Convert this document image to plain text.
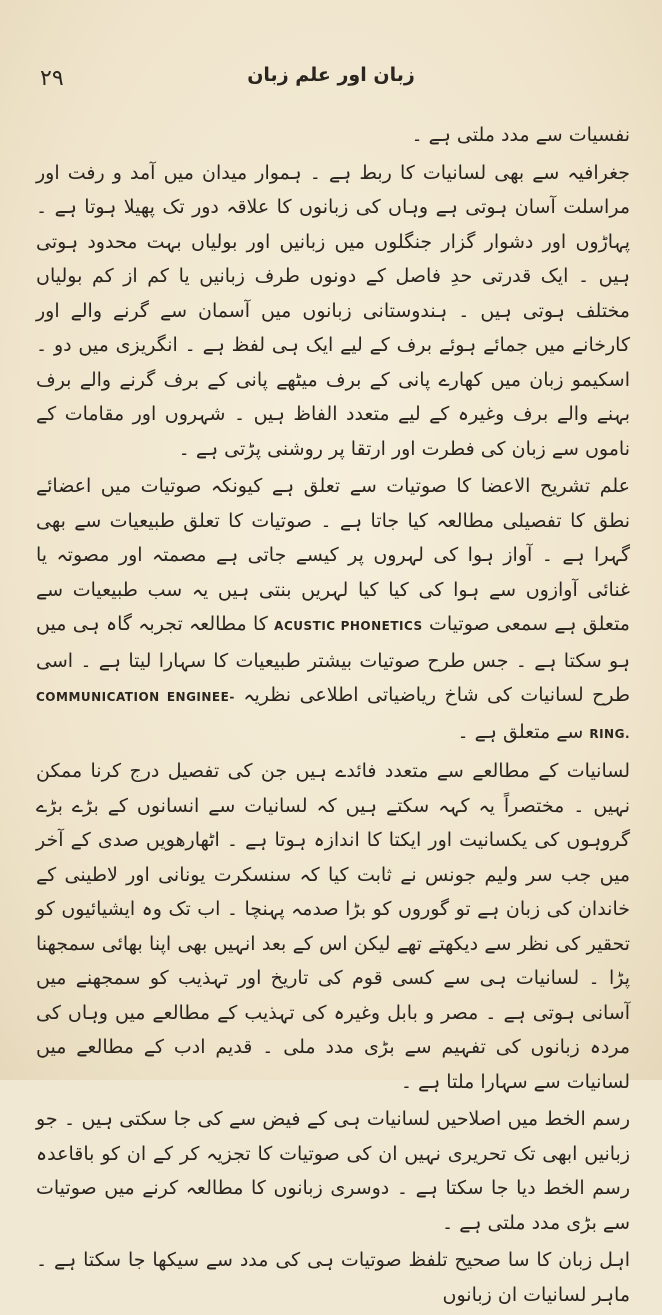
۲۹	زبان اور علم زبان

نفسیات سے مدد ملتی ہے ۔

جغرافیہ سے بھی لسانیات کا ربط ہے ۔ ہموار میدان میں آمد و رفت اور مراسلت آسان ہوتی ہے وہاں کی زبانوں کا علاقہ دور تک پھیلا ہوتا ہے ۔ پہاڑوں اور دشوار گزار جنگلوں میں زبانیں اور بولیاں بہت محدود ہوتی ہیں ۔ ایک قدرتی حدِ فاصل کے دونوں طرف زبانیں یا کم از کم بولیاں مختلف ہوتی ہیں ۔ ہندوستانی زبانوں میں آسمان سے گرنے والے اور کارخانے میں جمائے ہوئے برف کے لیے ایک ہی لفظ ہے ۔ انگریزی میں دو ۔ اسکیمو زبان میں کھارے پانی کے برف میٹھے پانی کے برف گرنے والے برف بہنے والے برف وغیرہ کے لیے متعدد الفاظ ہیں ۔ شہروں اور مقامات کے ناموں سے زبان کی فطرت اور ارتقا پر روشنی پڑتی ہے ۔

علم تشریح الاعضا کا صوتیات سے تعلق ہے کیونکہ صوتیات میں اعضائے نطق کا تفصیلی مطالعہ کیا جاتا ہے ۔ صوتیات کا تعلق طبیعیات سے بھی گہرا ہے ۔ آواز ہوا کی لہروں پر کیسے جاتی ہے مصمتہ اور مصوتہ یا غنائی آوازوں سے ہوا کی کیا کیا لہریں بنتی ہیں یہ سب طبیعیات سے متعلق ہے سمعی صوتیات ACUSTIC PHONETICS کا مطالعہ تجربہ گاہ ہی میں ہو سکتا ہے ۔ جس طرح صوتیات بیشتر طبیعیات کا سہارا لیتا ہے ۔ اسی طرح لسانیات کی شاخ ریاضیاتی اطلاعی نظریہ COMMUNICATION ENGINEE-RING. سے متعلق ہے ۔

لسانیات کے مطالعے سے متعدد فائدے ہیں جن کی تفصیل درج کرنا ممکن نہیں ۔ مختصراً یہ کہہ سکتے ہیں کہ لسانیات سے انسانوں کے بڑے بڑے گروہوں کی یکسانیت اور ایکتا کا اندازہ ہوتا ہے ۔ اٹھارھویں صدی کے آخر میں جب سر ولیم جونس نے ثابت کیا کہ سنسکرت یونانی اور لاطینی کے خاندان کی زبان ہے تو گوروں کو بڑا صدمہ پہنچا ۔ اب تک وہ ایشیائیوں کو تحقیر کی نظر سے دیکھتے تھے لیکن اس کے بعد انہیں بھی اپنا بھائی سمجھنا پڑا ۔ لسانیات ہی سے کسی قوم کی تاریخ اور تہذیب کو سمجھنے میں آسانی ہوتی ہے ۔ مصر و بابل وغیرہ کی تہذیب کے مطالعے میں وہاں کی مردہ زبانوں کی تفہیم سے بڑی مدد ملی ۔ قدیم ادب کے مطالعے میں لسانیات سے سہارا ملتا ہے ۔

رسم الخط میں اصلاحیں لسانیات ہی کے فیض سے کی جا سکتی ہیں ۔ جو زبانیں ابھی تک تحریری نہیں ان کی صوتیات کا تجزیہ کر کے ان کو باقاعدہ رسم الخط دیا جا سکتا ہے ۔ دوسری زبانوں کا مطالعہ کرنے میں صوتیات سے بڑی مدد ملتی ہے ۔

اہل زبان کا سا صحیح تلفظ صوتیات ہی کی مدد سے سیکھا جا سکتا ہے ۔ ماہر لسانیات ان زبانوں
